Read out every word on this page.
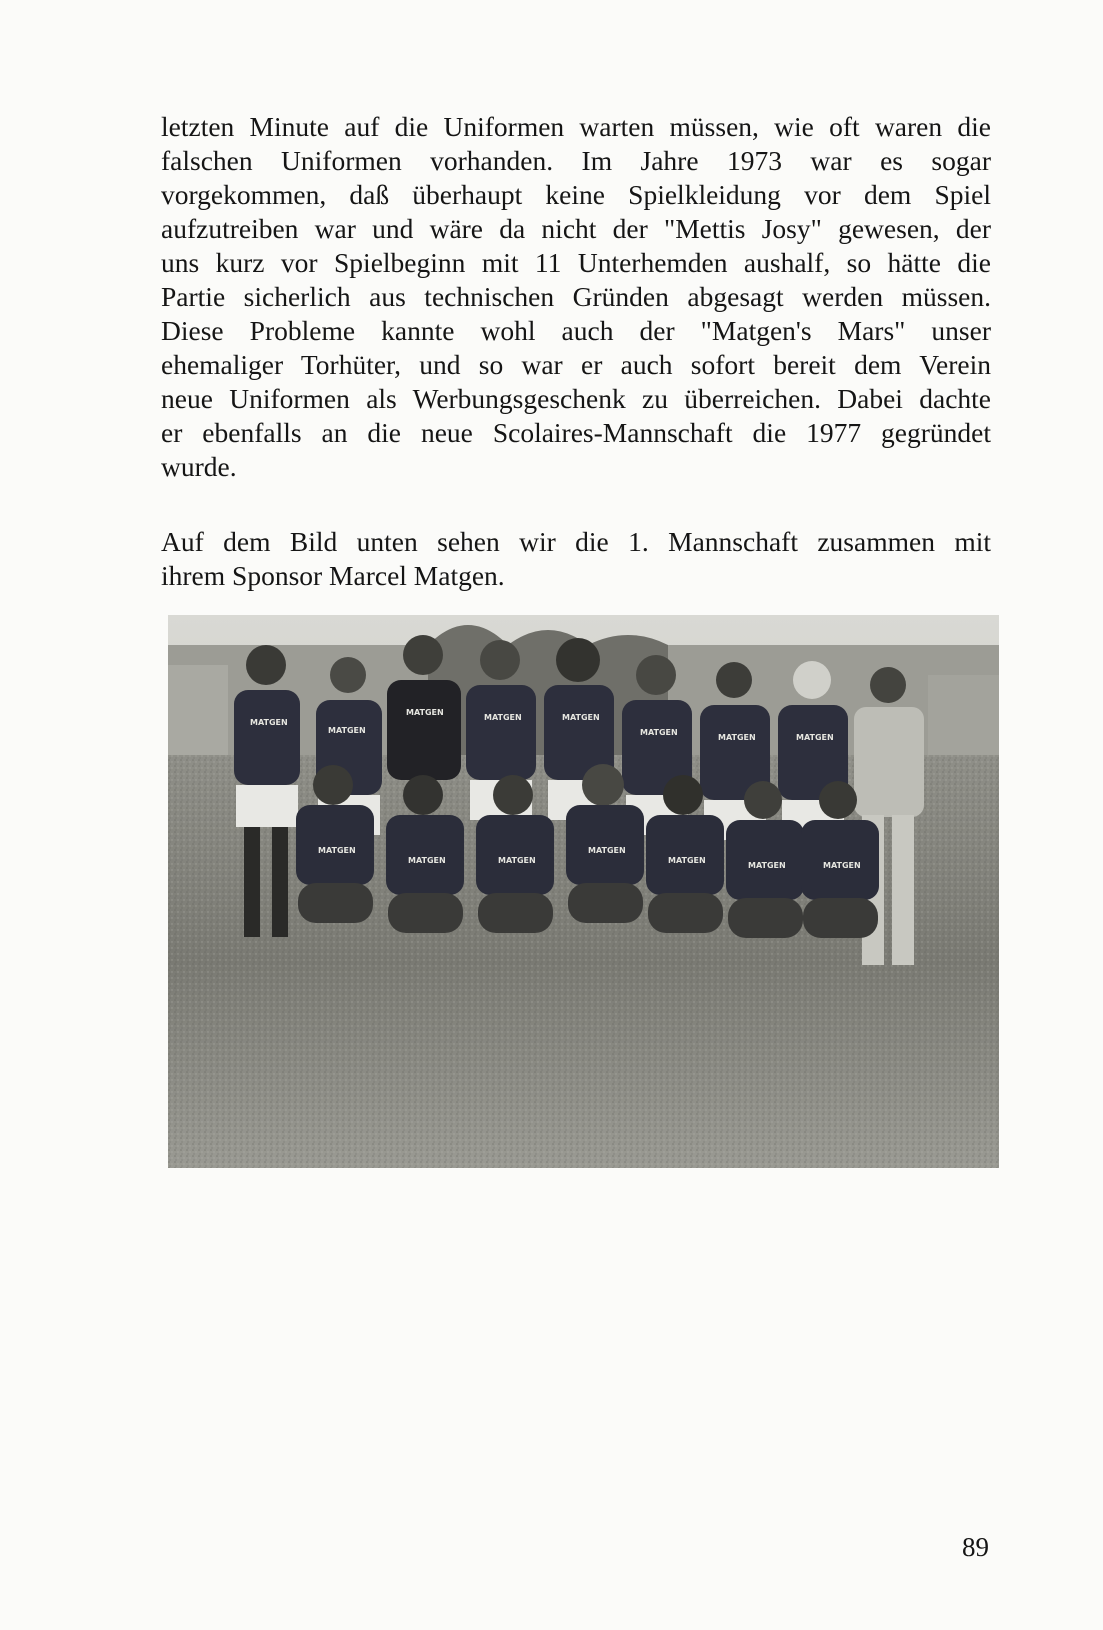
letzten Minute auf die Uniformen warten müssen, wie oft waren die
falschen Uniformen vorhanden. Im Jahre 1973 war es sogar
vorgekommen, daß überhaupt keine Spielkleidung vor dem Spiel
aufzutreiben war und wäre da nicht der "Mettis Josy" gewesen, der
uns kurz vor Spielbeginn mit 11 Unterhemden aushalf, so hätte die
Partie sicherlich aus technischen Gründen abgesagt werden müssen.
Diese Probleme kannte wohl auch der "Matgen's Mars" unser
ehemaliger Torhüter, und so war er auch sofort bereit dem Verein
neue Uniformen als Werbungsgeschenk zu überreichen. Dabei dachte
er ebenfalls an die neue Scolaires-Mannschaft die 1977 gegründet
wurde.
Auf dem Bild unten sehen wir die 1. Mannschaft zusammen mit
ihrem Sponsor Marcel Matgen.
MATGEN
MATGEN
MATGEN
MATGEN	MATGEN
MATGEN
MATGEN	MATGEN
MATGEN
MATGEN	MATGEN
MATGEN
MATGEN
MATGEN	MATGEN
89
